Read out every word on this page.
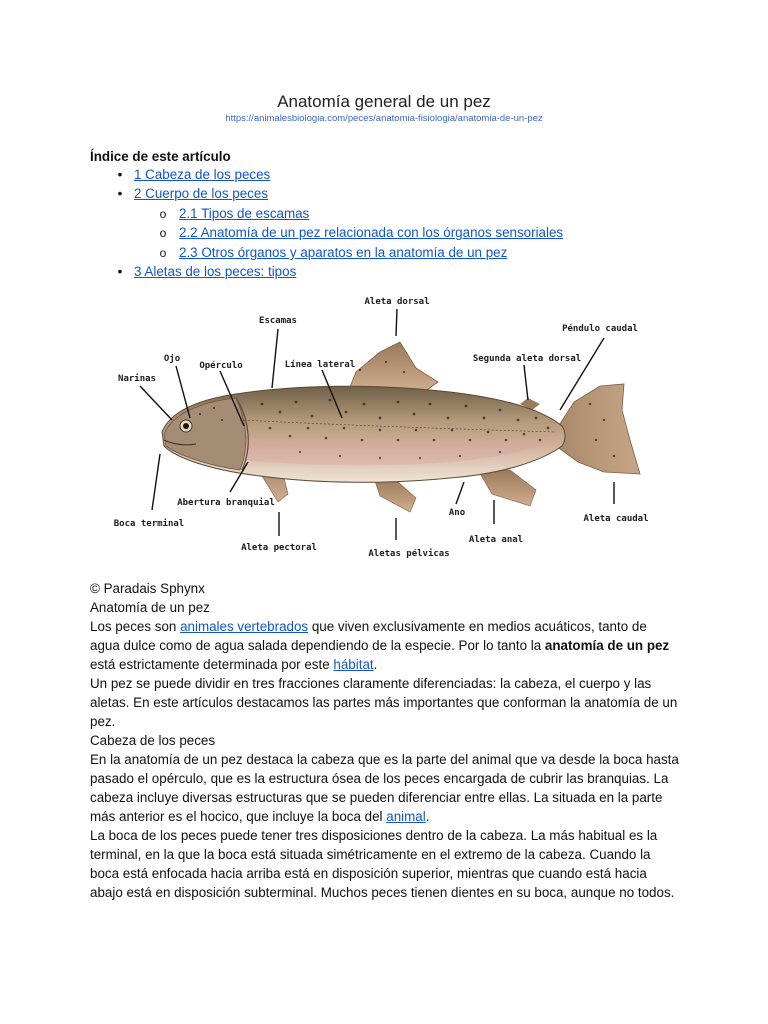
Anatomía general de un pez
https://animalesbiologia.com/peces/anatomia-fisiologia/anatomia-de-un-pez
Índice de este artículo
• 1 Cabeza de los peces
• 2 Cuerpo de los peces
o 2.1 Tipos de escamas
o 2.2 Anatomía de un pez relacionada con los órganos sensoriales
o 2.3 Otros órganos y aparatos en la anatomía de un pez
• 3 Aletas de los peces: tipos
Aleta dorsal
Escamas
Péndulo caudal
Ojo
Opérculo	Línea lateral
Segunda aleta dorsal
Narinas
Abertura branquial
Ano
Aleta caudal
Boca terminal
Aleta anal
Aleta pectoral
Aletas pélvicas

© Paradais Sphynx

Anatomía de un pez

Los peces son animales vertebrados que viven exclusivamente en medios acuáticos, tanto de agua dulce como de agua salada dependiendo de la especie. Por lo tanto la anatomía de un pez está estrictamente determinada por este hábitat.

Un pez se puede dividir en tres fracciones claramente diferenciadas: la cabeza, el cuerpo y las aletas. En este artículos destacamos las partes más importantes que conforman la anatomía de un pez.

Cabeza de los peces

En la anatomía de un pez destaca la cabeza que es la parte del animal que va desde la boca hasta pasado el opérculo, que es la estructura ósea de los peces encargada de cubrir las branquias. La cabeza incluye diversas estructuras que se pueden diferenciar entre ellas. La situada en la parte más anterior es el hocico, que incluye la boca del animal.

La boca de los peces puede tener tres disposiciones dentro de la cabeza. La más habitual es la terminal, en la que la boca está situada simétricamente en el extremo de la cabeza. Cuando la boca está enfocada hacia arriba está en disposición superior, mientras que cuando está hacia abajo está en disposición subterminal. Muchos peces tienen dientes en su boca, aunque no todos.
